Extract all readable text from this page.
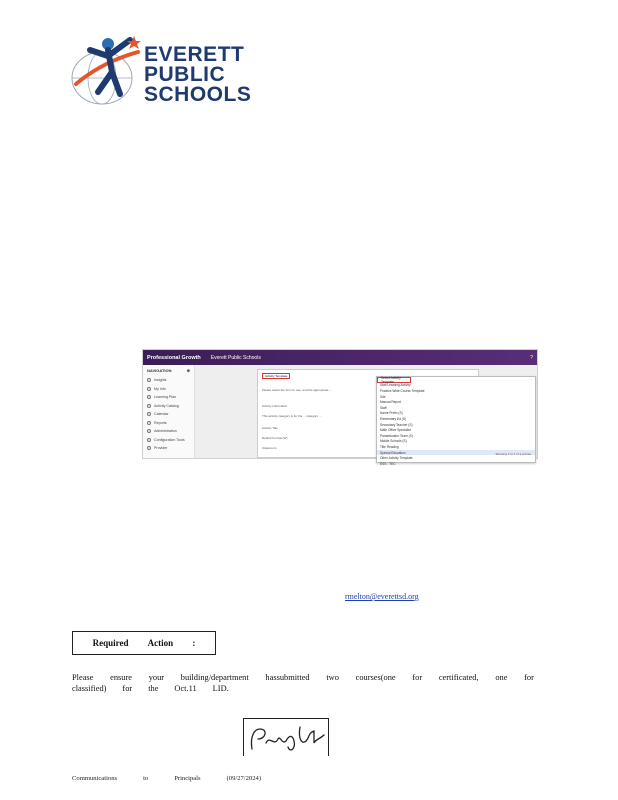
EVERETT
PUBLIC
SCHOOLS
Professional Growth Everett Public Schools	?
NAVIGATION	⊕
Insights
My Info
Learning Plan
Activity Catalog
Calendar
Reports
Administration
Configuration Tools
Provider
Activity Template
Please select the form to use, and the appropriate ...
Activity Information
This activity category is for the ... category ...
Activity Title
Default Format (W)
Classroom
Select Activity Template
Staff Learning Activity
Practice Wide Course Template
Site
Manual Report
Staff
Name Prefix (S)
Elementary Ed (S)
Secondary Teacher (S)
Math Office Specialist
Paraeducator Team (S)
Middle Schools (S)
Title Reading
Special Education
Other Activity Template
ESS - TEC
Showing 1 to 1 of 1 entries
rmelton@everettsd.org
Required Action :
Please ensure your building/department hassubmitted two courses(one for certificated, one for
classified) for the Oct.11 LID.
Communications	to	Principals	(09/27/2024)
